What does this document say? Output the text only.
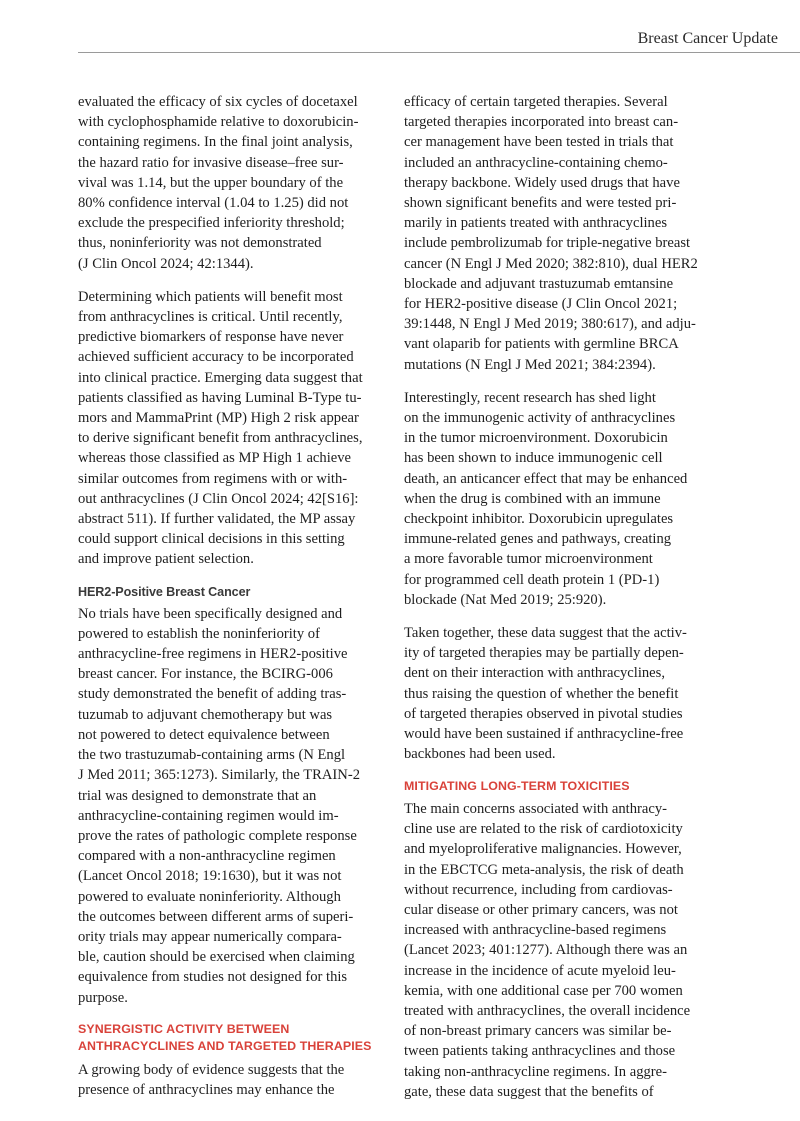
Breast Cancer Update

evaluated the efficacy of six cycles of docetaxel
with cyclophosphamide relative to doxorubicin-
containing regimens. In the final joint analysis,
the hazard ratio for invasive disease–free sur-
vival was 1.14, but the upper boundary of the
80% confidence interval (1.04 to 1.25) did not
exclude the prespecified inferiority threshold;
thus, noninferiority was not demonstrated
(J Clin Oncol 2024; 42:1344).

Determining which patients will benefit most
from anthracyclines is critical. Until recently,
predictive biomarkers of response have never
achieved sufficient accuracy to be incorporated
into clinical practice. Emerging data suggest that
patients classified as having Luminal B-Type tu-
mors and MammaPrint (MP) High 2 risk appear
to derive significant benefit from anthracyclines,
whereas those classified as MP High 1 achieve
similar outcomes from regimens with or with-
out anthracyclines (J Clin Oncol 2024; 42[S16]:
abstract 511). If further validated, the MP assay
could support clinical decisions in this setting
and improve patient selection.

HER2-Positive Breast Cancer

No trials have been specifically designed and
powered to establish the noninferiority of
anthracycline-free regimens in HER2-positive
breast cancer. For instance, the BCIRG-006
study demonstrated the benefit of adding tras-
tuzumab to adjuvant chemotherapy but was
not powered to detect equivalence between
the two trastuzumab-containing arms (N Engl
J Med 2011; 365:1273). Similarly, the TRAIN-2
trial was designed to demonstrate that an
anthracycline-containing regimen would im-
prove the rates of pathologic complete response
compared with a non-anthracycline regimen
(Lancet Oncol 2018; 19:1630), but it was not
powered to evaluate noninferiority. Although
the outcomes between different arms of superi-
ority trials may appear numerically compara-
ble, caution should be exercised when claiming
equivalence from studies not designed for this
purpose.

SYNERGISTIC ACTIVITY BETWEEN
ANTHRACYCLINES AND TARGETED THERAPIES

A growing body of evidence suggests that the
presence of anthracyclines may enhance the

efficacy of certain targeted therapies. Several
targeted therapies incorporated into breast can-
cer management have been tested in trials that
included an anthracycline-containing chemo-
therapy backbone. Widely used drugs that have
shown significant benefits and were tested pri-
marily in patients treated with anthracyclines
include pembrolizumab for triple-negative breast
cancer (N Engl J Med 2020; 382:810), dual HER2
blockade and adjuvant trastuzumab emtansine
for HER2-positive disease (J Clin Oncol 2021;
39:1448, N Engl J Med 2019; 380:617), and adju-
vant olaparib for patients with germline BRCA
mutations (N Engl J Med 2021; 384:2394).

Interestingly, recent research has shed light
on the immunogenic activity of anthracyclines
in the tumor microenvironment. Doxorubicin
has been shown to induce immunogenic cell
death, an anticancer effect that may be enhanced
when the drug is combined with an immune
checkpoint inhibitor. Doxorubicin upregulates
immune-related genes and pathways, creating
a more favorable tumor microenvironment
for programmed cell death protein 1 (PD-1)
blockade (Nat Med 2019; 25:920).

Taken together, these data suggest that the activ-
ity of targeted therapies may be partially depen-
dent on their interaction with anthracyclines,
thus raising the question of whether the benefit
of targeted therapies observed in pivotal studies
would have been sustained if anthracycline-free
backbones had been used.

MITIGATING LONG-TERM TOXICITIES

The main concerns associated with anthracy-
cline use are related to the risk of cardiotoxicity
and myeloproliferative malignancies. However,
in the EBCTCG meta-analysis, the risk of death
without recurrence, including from cardiovas-
cular disease or other primary cancers, was not
increased with anthracycline-based regimens
(Lancet 2023; 401:1277). Although there was an
increase in the incidence of acute myeloid leu-
kemia, with one additional case per 700 women
treated with anthracyclines, the overall incidence
of non-breast primary cancers was similar be-
tween patients taking anthracyclines and those
taking non-anthracycline regimens. In aggre-
gate, these data suggest that the benefits of
